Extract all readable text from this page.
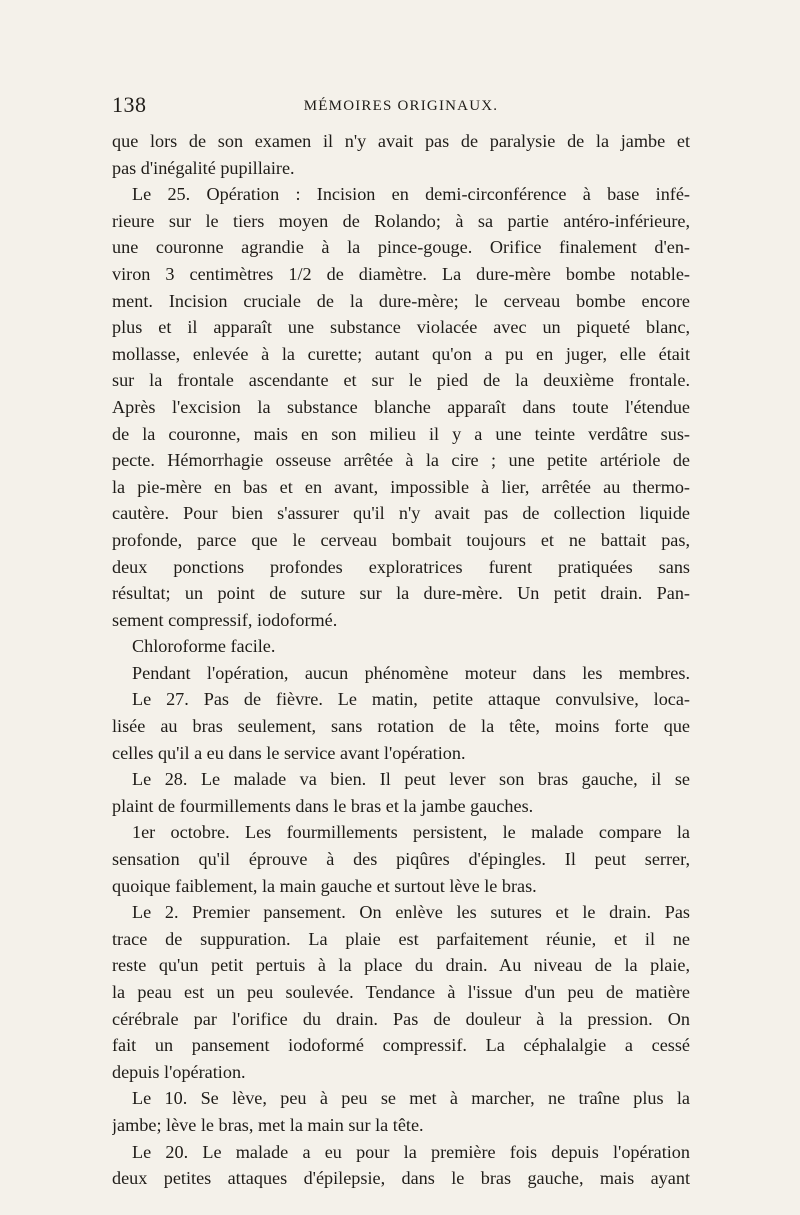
138	MÉMOIRES ORIGINAUX.
que lors de son examen il n'y avait pas de paralysie de la jambe et
pas d'inégalité pupillaire.
Le 25. Opération : Incision en demi-circonférence à base infé-
rieure sur le tiers moyen de Rolando; à sa partie antéro-inférieure,
une couronne agrandie à la pince-gouge. Orifice finalement d'en-
viron 3 centimètres 1/2 de diamètre. La dure-mère bombe notable-
ment. Incision cruciale de la dure-mère; le cerveau bombe encore
plus et il apparaît une substance violacée avec un piqueté blanc,
mollasse, enlevée à la curette; autant qu'on a pu en juger, elle était
sur la frontale ascendante et sur le pied de la deuxième frontale.
Après l'excision la substance blanche apparaît dans toute l'étendue
de la couronne, mais en son milieu il y a une teinte verdâtre sus-
pecte. Hémorrhagie osseuse arrêtée à la cire ; une petite artériole de
la pie-mère en bas et en avant, impossible à lier, arrêtée au thermo-
cautère. Pour bien s'assurer qu'il n'y avait pas de collection liquide
profonde, parce que le cerveau bombait toujours et ne battait pas,
deux ponctions profondes exploratrices furent pratiquées sans
résultat; un point de suture sur la dure-mère. Un petit drain. Pan-
sement compressif, iodoformé.
Chloroforme facile.
Pendant l'opération, aucun phénomène moteur dans les membres.
Le 27. Pas de fièvre. Le matin, petite attaque convulsive, loca-
lisée au bras seulement, sans rotation de la tête, moins forte que
celles qu'il a eu dans le service avant l'opération.
Le 28. Le malade va bien. Il peut lever son bras gauche, il se
plaint de fourmillements dans le bras et la jambe gauches.
1er octobre. Les fourmillements persistent, le malade compare la
sensation qu'il éprouve à des piqûres d'épingles. Il peut serrer,
quoique faiblement, la main gauche et surtout lève le bras.
Le 2. Premier pansement. On enlève les sutures et le drain. Pas
trace de suppuration. La plaie est parfaitement réunie, et il ne
reste qu'un petit pertuis à la place du drain. Au niveau de la plaie,
la peau est un peu soulevée. Tendance à l'issue d'un peu de matière
cérébrale par l'orifice du drain. Pas de douleur à la pression. On
fait un pansement iodoformé compressif. La céphalalgie a cessé
depuis l'opération.
Le 10. Se lève, peu à peu se met à marcher, ne traîne plus la
jambe; lève le bras, met la main sur la tête.
Le 20. Le malade a eu pour la première fois depuis l'opération
deux petites attaques d'épilepsie, dans le bras gauche, mais ayant
